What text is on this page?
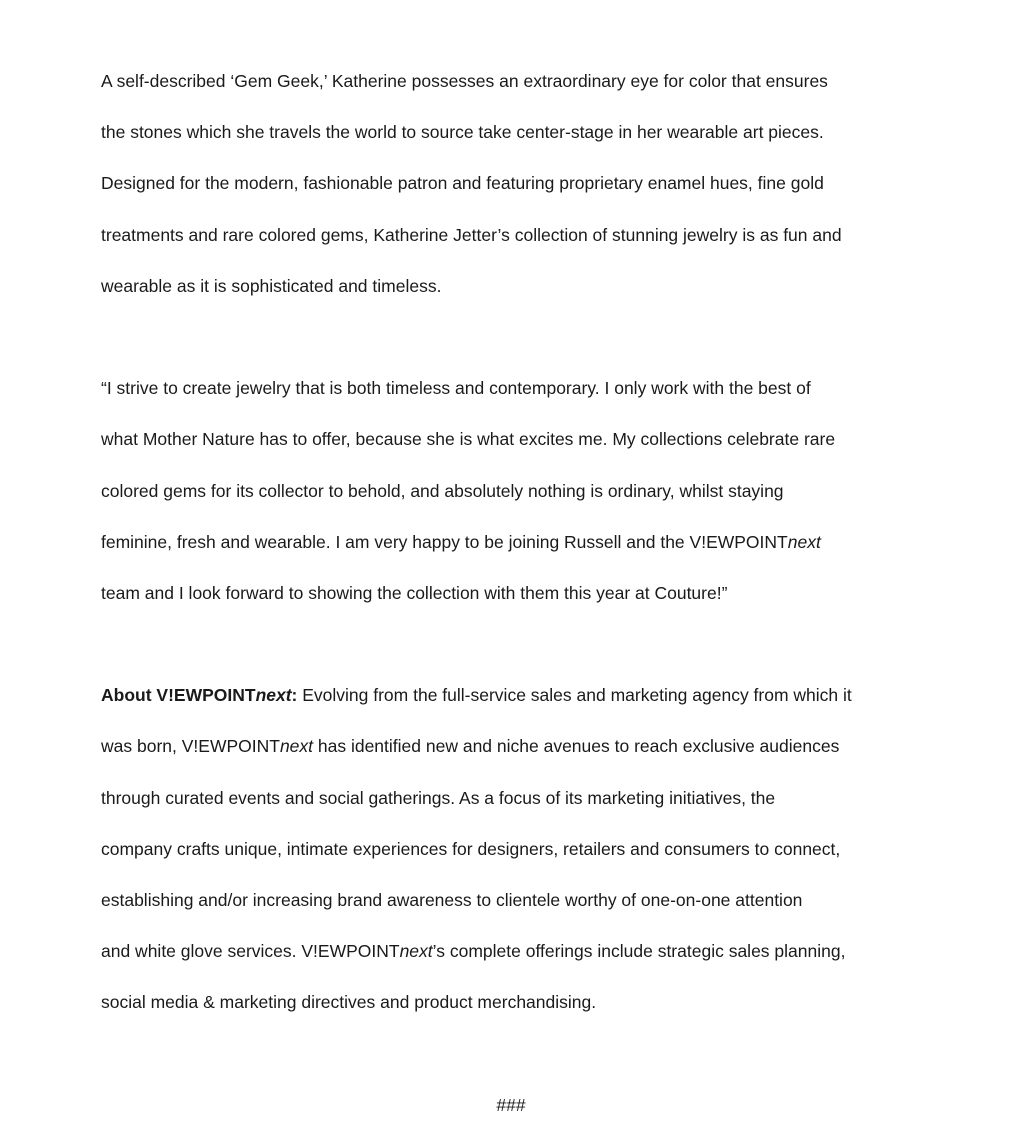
A self-described ‘Gem Geek,’ Katherine possesses an extraordinary eye for color that ensures
the stones which she travels the world to source take center-stage in her wearable art pieces.
Designed for the modern, fashionable patron and featuring proprietary enamel hues, fine gold
treatments and rare colored gems, Katherine Jetter’s collection of stunning jewelry is as fun and
wearable as it is sophisticated and timeless.

“I strive to create jewelry that is both timeless and contemporary. I only work with the best of
what Mother Nature has to offer, because she is what excites me. My collections celebrate rare
colored gems for its collector to behold, and absolutely nothing is ordinary, whilst staying
feminine, fresh and wearable. I am very happy to be joining Russell and the V!EWPOINTnext
team and I look forward to showing the collection with them this year at Couture!”

About V!EWPOINTnext: Evolving from the full-service sales and marketing agency from which it
was born, V!EWPOINTnext has identified new and niche avenues to reach exclusive audiences
through curated events and social gatherings. As a focus of its marketing initiatives, the
company crafts unique, intimate experiences for designers, retailers and consumers to connect,
establishing and/or increasing brand awareness to clientele worthy of one-on-one attention
and white glove services. V!EWPOINTnext’s complete offerings include strategic sales planning,
social media & marketing directives and product merchandising.

###
